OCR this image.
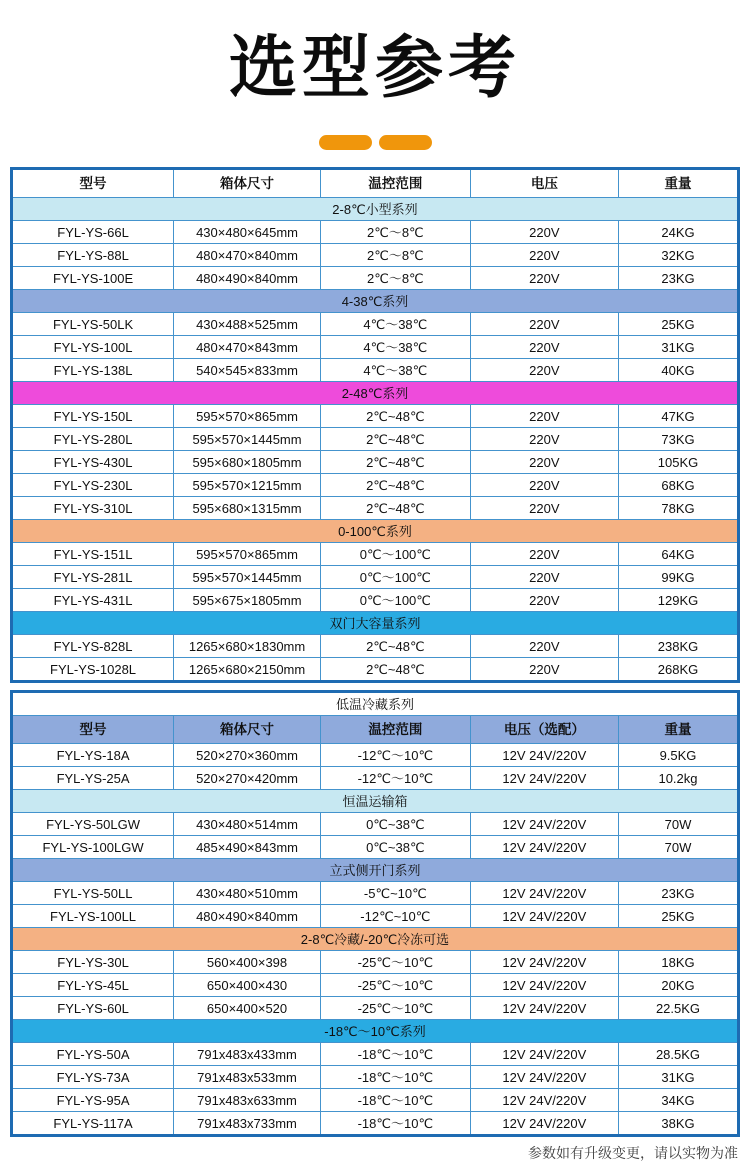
选型参考
型号	箱体尺寸	温控范围	电压	重量
2-8℃小型系列				
FYL-YS-66L	430×480×645mm	2℃～8℃	220V	24KG
FYL-YS-88L	480×470×840mm	2℃～8℃	220V	32KG
FYL-YS-100E	480×490×840mm	2℃～8℃	220V	23KG
4-38℃系列				
FYL-YS-50LK	430×488×525mm	4℃～38℃	220V	25KG
FYL-YS-100L	480×470×843mm	4℃～38℃	220V	31KG
FYL-YS-138L	540×545×833mm	4℃～38℃	220V	40KG
2-48℃系列				
FYL-YS-150L	595×570×865mm	2℃~48℃	220V	47KG
FYL-YS-280L	595×570×1445mm	2℃~48℃	220V	73KG
FYL-YS-430L	595×680×1805mm	2℃~48℃	220V	105KG
FYL-YS-230L	595×570×1215mm	2℃~48℃	220V	68KG
FYL-YS-310L	595×680×1315mm	2℃~48℃	220V	78KG
0-100℃系列				
FYL-YS-151L	595×570×865mm	0℃～100℃	220V	64KG
FYL-YS-281L	595×570×1445mm	0℃～100℃	220V	99KG
FYL-YS-431L	595×675×1805mm	0℃～100℃	220V	129KG
双门大容量系列				
FYL-YS-828L	1265×680×1830mm	2℃~48℃	220V	238KG
FYL-YS-1028L	1265×680×2150mm	2℃~48℃	220V	268KG
低温冷藏系列				
型号	箱体尺寸	温控范围	电压（选配）	重量
FYL-YS-18A	520×270×360mm	-12℃～10℃	12V 24V/220V	9.5KG
FYL-YS-25A	520×270×420mm	-12℃～10℃	12V 24V/220V	10.2kg
恒温运输箱				
FYL-YS-50LGW	430×480×514mm	0℃~38℃	12V 24V/220V	70W
FYL-YS-100LGW	485×490×843mm	0℃~38℃	12V 24V/220V	70W
立式侧开门系列				
FYL-YS-50LL	430×480×510mm	-5℃~10℃	12V 24V/220V	23KG
FYL-YS-100LL	480×490×840mm	-12℃~10℃	12V 24V/220V	25KG
2-8℃冷藏/-20℃冷冻可选				
FYL-YS-30L	560×400×398	-25℃～10℃	12V 24V/220V	18KG
FYL-YS-45L	650×400×430	-25℃～10℃	12V 24V/220V	20KG
FYL-YS-60L	650×400×520	-25℃～10℃	12V 24V/220V	22.5KG
-18℃～10℃系列				
FYL-YS-50A	791x483x433mm	-18℃～10℃	12V 24V/220V	28.5KG
FYL-YS-73A	791x483x533mm	-18℃～10℃	12V 24V/220V	31KG
FYL-YS-95A	791x483x633mm	-18℃～10℃	12V 24V/220V	34KG
FYL-YS-117A	791x483x733mm	-18℃～10℃	12V 24V/220V	38KG
参数如有升级变更，请以实物为准
